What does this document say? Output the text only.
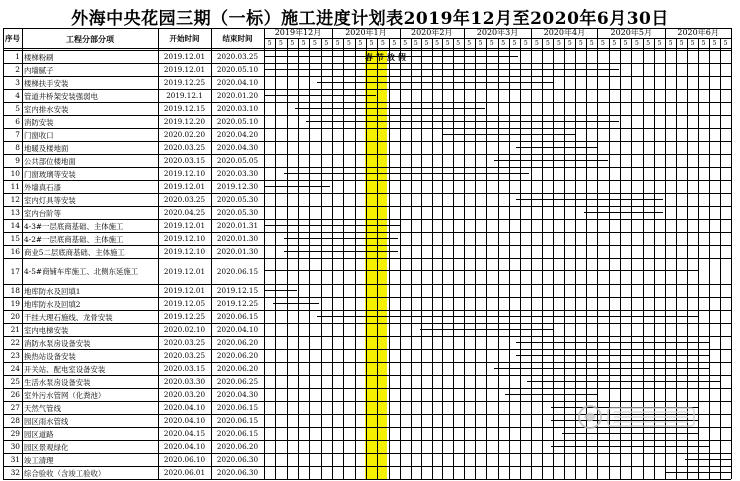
外海中央花园三期（一标）施工进度计划表2019年12月至2020年6月30日
序号	工程分部分项	开始时间	结束时间
1 楼梯粉刷	2019.12.01	2020.03.25
2 内墙腻子	2019.12.01	2020.05.10
3 楼梯扶手安装	2019.12.25	2020.04.10
4 管道井桥架安装强弱电	2019.12.1	2020.01.20
5 室内排水安装	2019.12.15	2020.03.10
6 消防安装	2019.12.20	2020.05.10
7 门窗收口	2020.02.20	2020.04.20
8 地暖及楼地面	2020.03.25	2020.04.30
9 公共部位楼地面	2020.03.15	2020.05.05
10 门窗玻璃等安装	2019.12.10	2020.03.30
11 外墙真石漆	2019.12.01	2019.12.30
12 室内灯具等安装	2020.03.25	2020.05.30
13 室内台阶等	2020.04.25	2020.05.30
14 4-3#一层底商基础、主体施工	2019.12.01	2020.01.31
15 4-2#一层底商基础、主体施工	2019.12.10	2020.01.30
16 商业5二层底商基础、主体施工	2019.12.10	2020.01.30
17 4-5#商铺车库施工、北侧东延施工	2019.12.01	2020.06.15
18 地库防水及回填1	2019.12.01	2019.12.15
19 地库防水及回填2	2019.12.05	2019.12.25
20 干挂大理石施线、龙骨安装	2019.12.25	2020.06.15
21 室内电梯安装	2020.02.10	2020.04.10
22 消防水泵房设备安装	2020.03.25	2020.06.20
23 换热站设备安装	2020.03.25	2020.06.20
24 开关站、配电室设备安装	2020.03.15	2020.06.20
25 生活水泵房设备安装	2020.03.30	2020.06.25
26 室外污水管网（化粪池）	2020.03.20	2020.04.30
27 天然气管线	2020.04.10	2020.06.15
28 园区雨水管线	2020.04.10	2020.06.15
29 园区道路	2020.04.15	2020.06.15
30 园区景观绿化	2020.04.10	2020.06.20
31 竣工清理	2020.06.10	2020.06.30
32 综合验收（含竣工验收）	2020.06.01	2020.06.30
2019年12月	2020年1月	2020年2月	2020年3月	2020年4月	2020年5月	2020年6月
5	5	5	5	5	5	5	5	5	5	5	5	5	5	5	5	5	5	5	5	5	5	5	5	5	5	5	5	5	5	5	5	5	5	5	5	5	5	5	5	5	5
春 节 放 假
